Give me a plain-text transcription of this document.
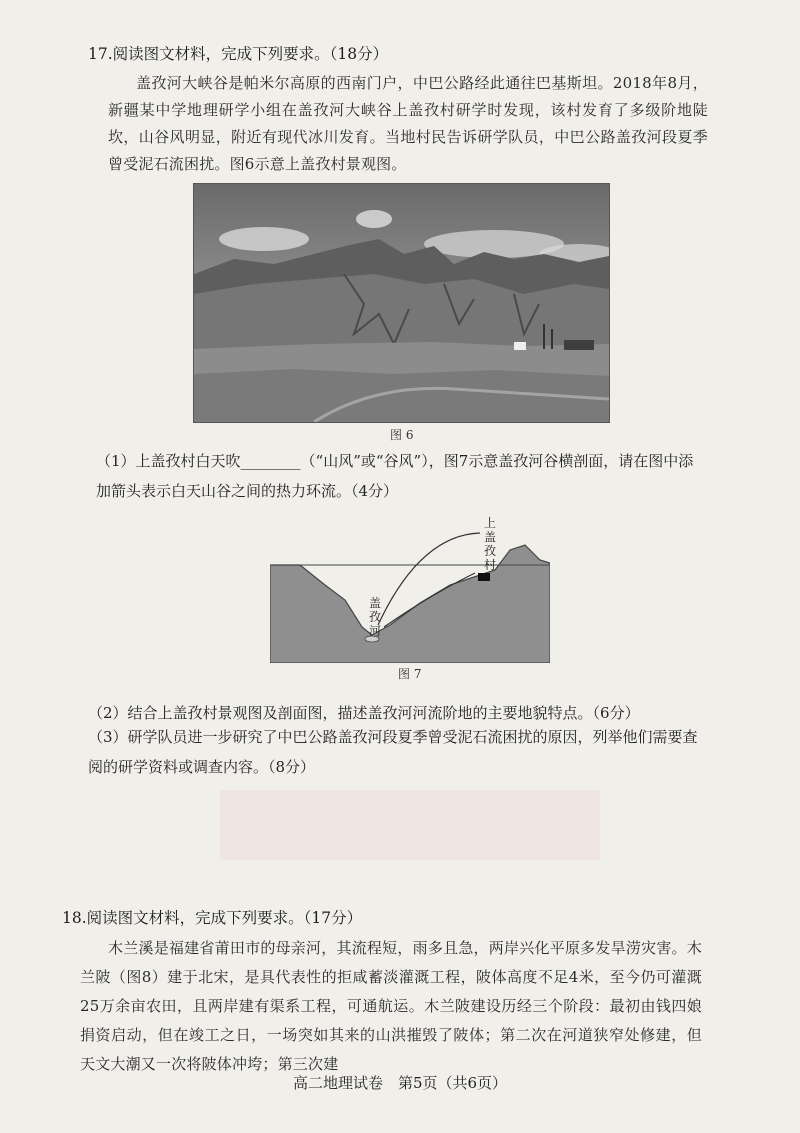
17.阅读图文材料，完成下列要求。（18分）
盖孜河大峡谷是帕米尔高原的西南门户，中巴公路经此通往巴基斯坦。2018年8月，新疆某中学地理研学小组在盖孜河大峡谷上盖孜村研学时发现，该村发育了多级阶地陡坎，山谷风明显，附近有现代冰川发育。当地村民告诉研学队员，中巴公路盖孜河段夏季曾受泥石流困扰。图6示意上盖孜村景观图。
图 6
（1）上盖孜村白天吹________（“山风”或“谷风”），图7示意盖孜河谷横剖面，请在图中添加箭头表示白天山谷之间的热力环流。（4分）
上盖孜村
盖孜河
图 7
（2）结合上盖孜村景观图及剖面图，描述盖孜河河流阶地的主要地貌特点。（6分）
（3）研学队员进一步研究了中巴公路盖孜河段夏季曾受泥石流困扰的原因，列举他们需要查阅的研学资料或调查内容。（8分）
18.阅读图文材料，完成下列要求。（17分）
木兰溪是福建省莆田市的母亲河，其流程短，雨多且急，两岸兴化平原多发旱涝灾害。木兰陂（图8）建于北宋，是具代表性的拒咸蓄淡灌溉工程，陂体高度不足4米，至今仍可灌溉25万余亩农田，且两岸建有渠系工程，可通航运。木兰陂建设历经三个阶段：最初由钱四娘捐资启动，但在竣工之日，一场突如其来的山洪摧毁了陂体；第二次在河道狭窄处修建，但天文大潮又一次将陂体冲垮；第三次建
高二地理试卷　第5页（共6页）
